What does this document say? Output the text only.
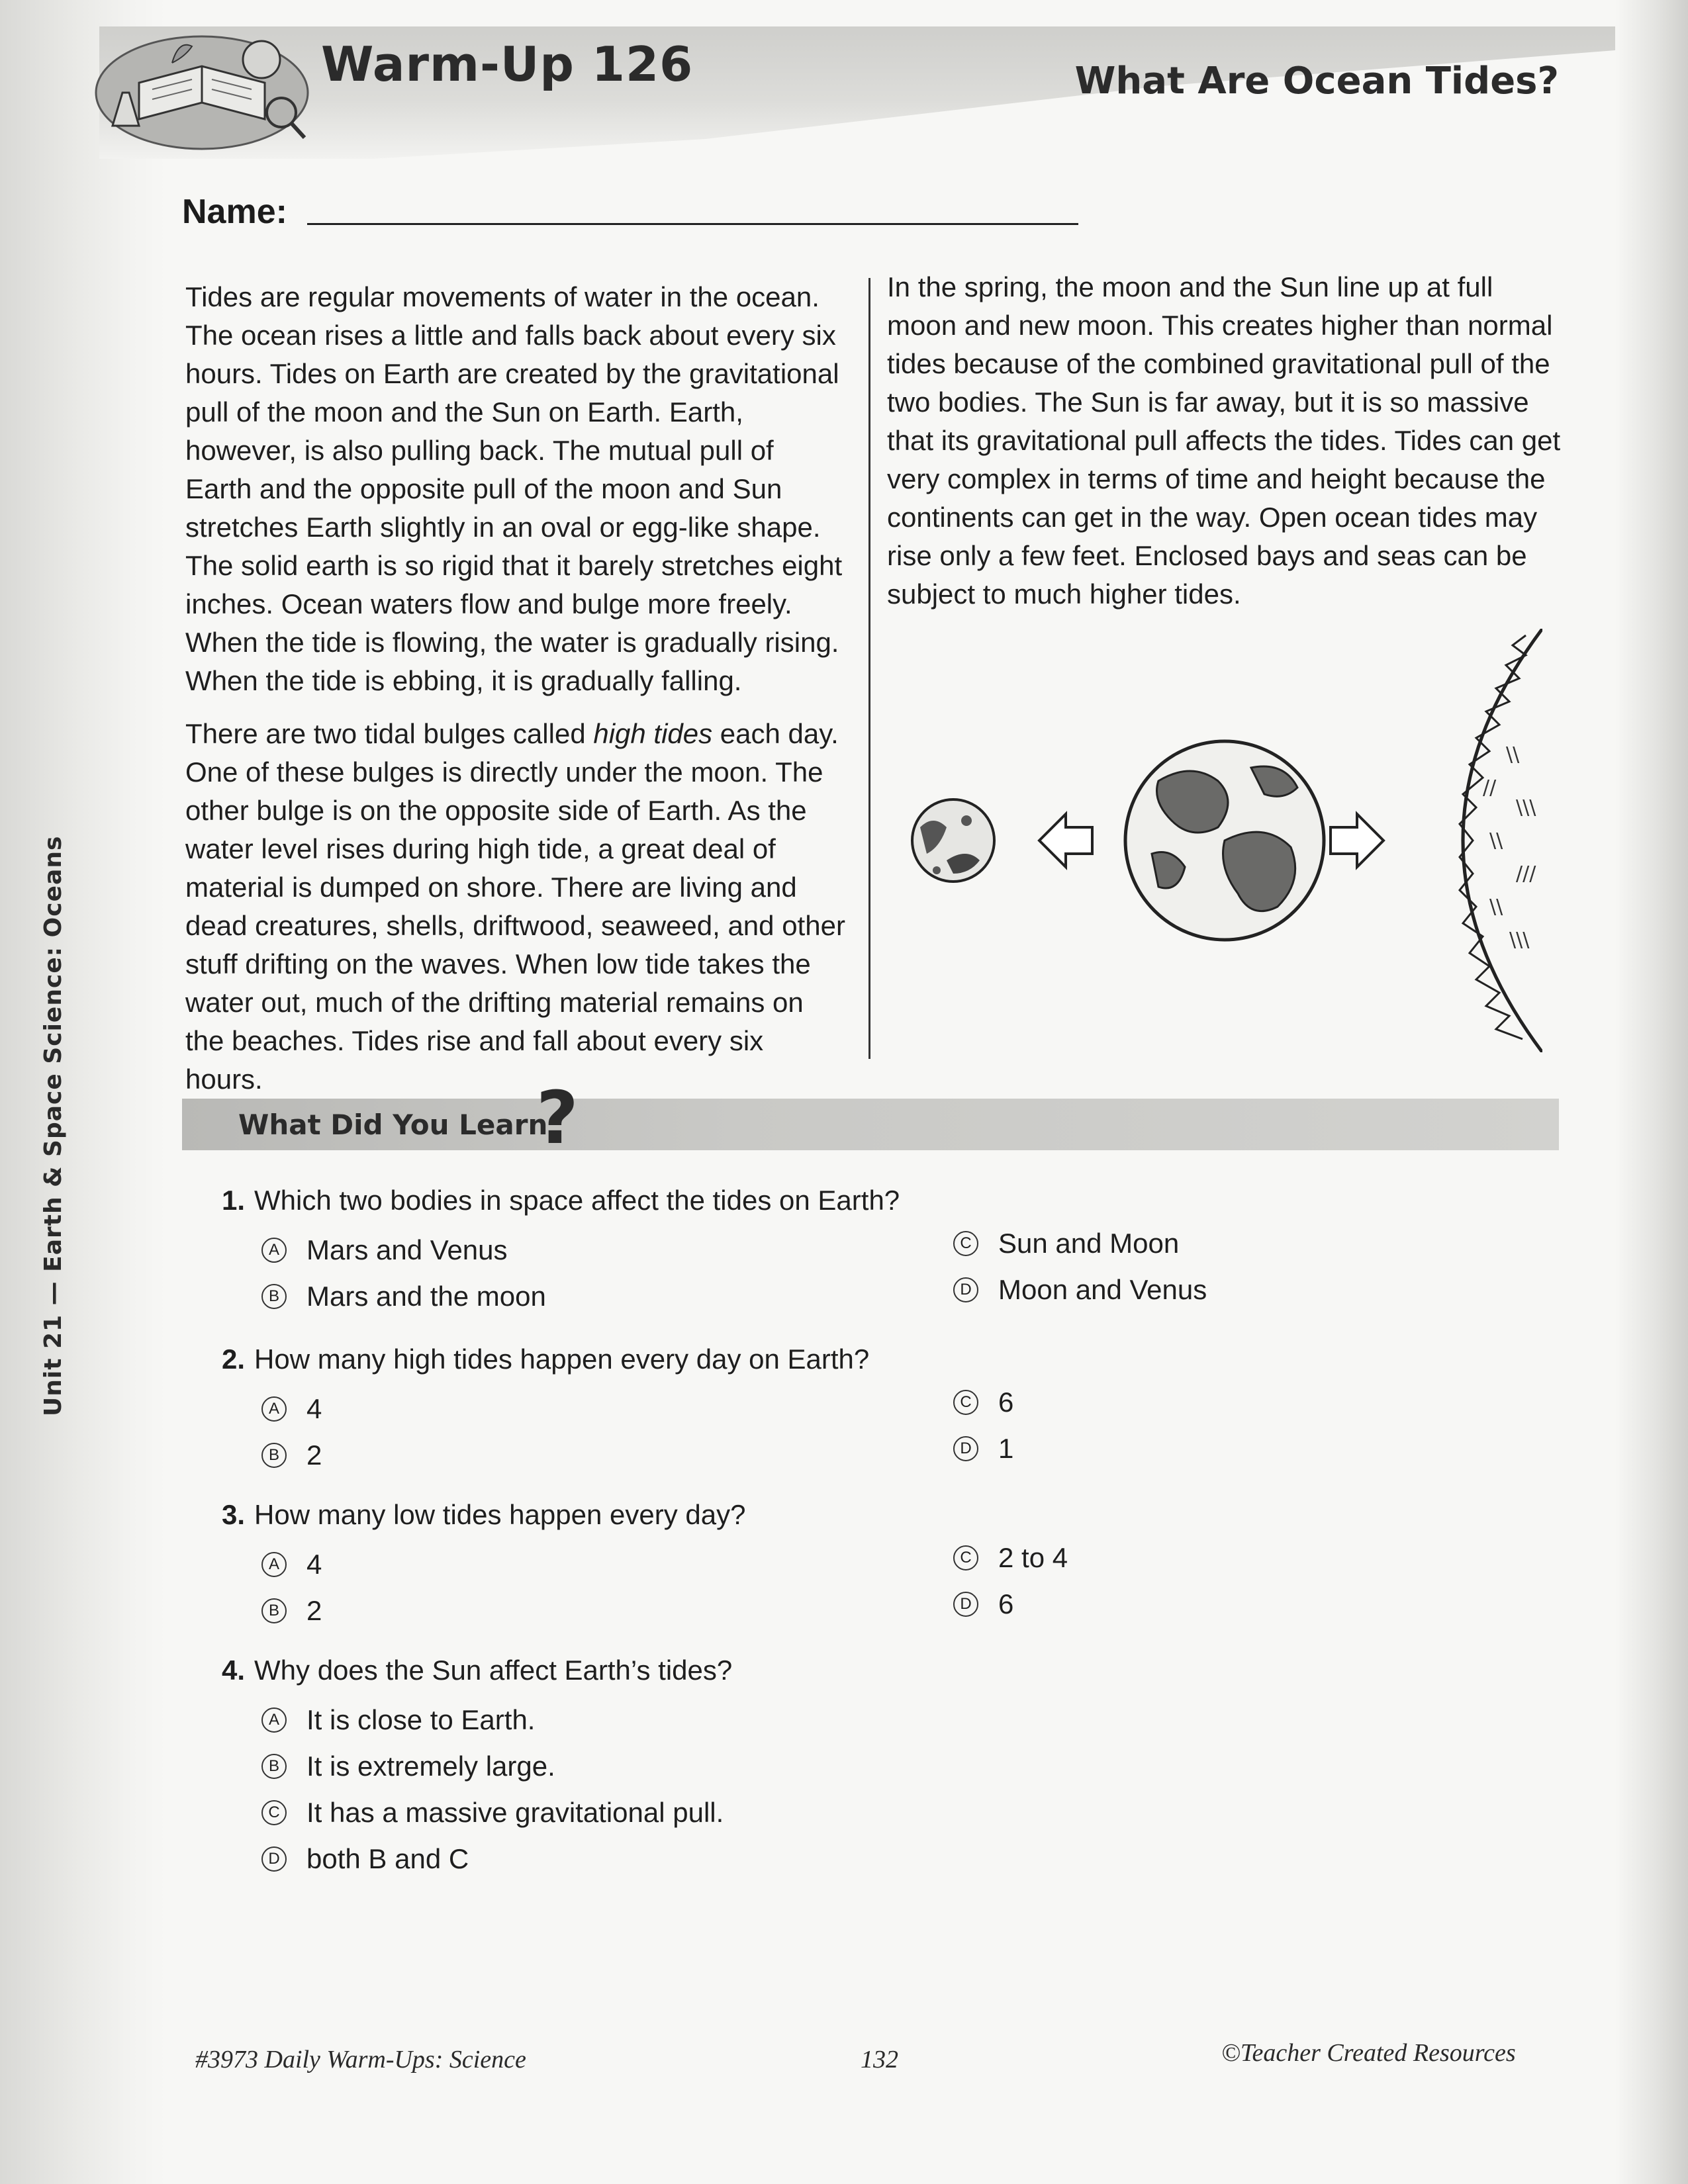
Warm-Up 126	What Are Ocean Tides?
Name:
Unit 21 — Earth & Space Science: Oceans

Tides are regular movements of water in the ocean. The ocean rises a little and falls back about every six hours. Tides on Earth are created by the gravitational pull of the moon and the Sun on Earth. Earth, however, is also pulling back. The mutual pull of Earth and the opposite pull of the moon and Sun stretches Earth slightly in an oval or egg-like shape. The solid earth is so rigid that it barely stretches eight inches. Ocean waters flow and bulge more freely. When the tide is flowing, the water is gradually rising. When the tide is ebbing, it is gradually falling.

There are two tidal bulges called high tides each day. One of these bulges is directly under the moon. The other bulge is on the opposite side of Earth. As the water level rises during high tide, a great deal of material is dumped on shore. There are living and dead creatures, shells, driftwood, seaweed, and other stuff drifting on the waves. When low tide takes the water out, much of the drifting material remains on the beaches. Tides rise and fall about every six hours.

In the spring, the moon and the Sun line up at full moon and new moon. This creates higher than normal tides because of the combined gravitational pull of the two bodies. The Sun is far away, but it is so massive that its gravitational pull affects the tides. Tides can get very complex in terms of time and height because the continents can get in the way. Open ocean tides may rise only a few feet. Enclosed bays and seas can be subject to much higher tides.

\\
//
\\\
\\
///
\\
\\\
What Did You Learn
?
1. Which two bodies in space affect the tides on Earth?
A Mars and Venus
B Mars and the moon
C Sun and Moon
D Moon and Venus
2. How many high tides happen every day on Earth?
A 4
B 2
C 6
D 1
3. How many low tides happen every day?
A 4
B 2
C 2 to 4
D 6
4. Why does the Sun affect Earth’s tides?
A It is close to Earth.
B It is extremely large.
C It has a massive gravitational pull.
D both B and C
#3973 Daily Warm-Ups: Science	132	©Teacher Created Resources
